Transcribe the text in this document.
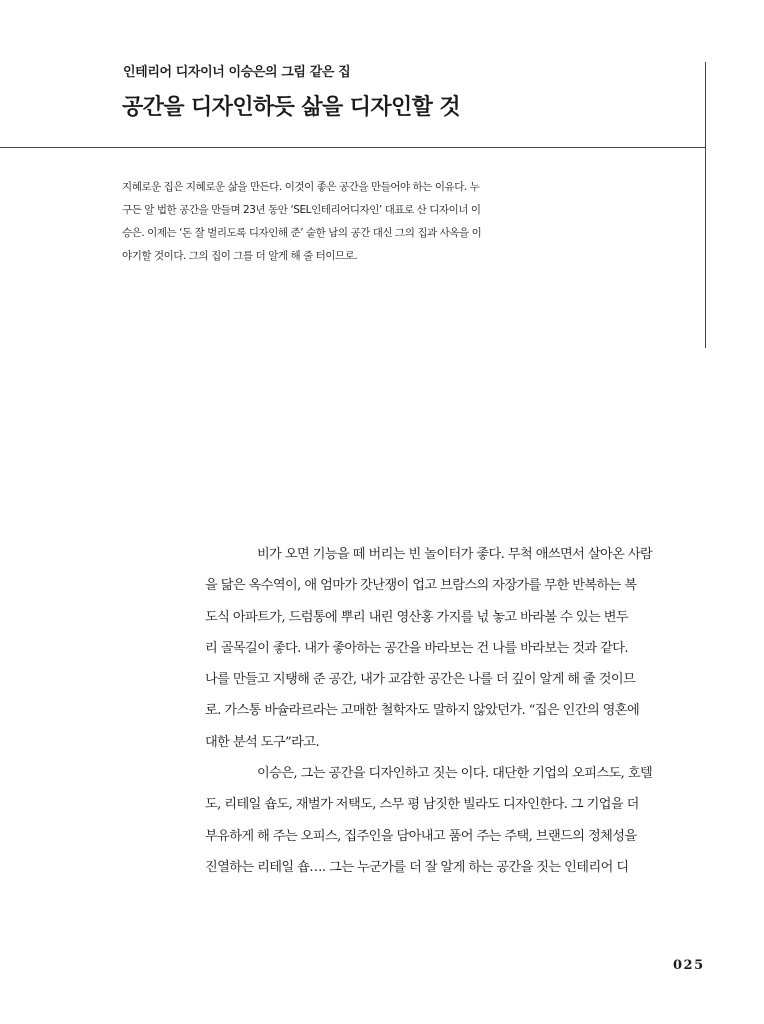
인테리어 디자이너 이승은의 그림 같은 집
공간을 디자인하듯 삶을 디자인할 것
지혜로운 집은 지혜로운 삶을 만든다. 이것이 좋은 공간을 만들어야 하는 이유다. 누
구든 알 법한 공간을 만들며 23년 동안 ‘SEL인테리어디자인’ 대표로 산 디자이너 이
승은. 이제는 ‘돈 잘 벌리도록 디자인해 준’ 숱한 남의 공간 대신 그의 집과 사옥을 이
야기할 것이다. 그의 집이 그를 더 알게 해 줄 터이므로.
비가 오면 기능을 떼 버리는 빈 놀이터가 좋다. 무척 애쓰면서 살아온 사람
을 닮은 옥수역이, 애 엄마가 갓난쟁이 업고 브람스의 자장가를 무한 반복하는 복
도식 아파트가, 드럼통에 뿌리 내린 영산홍 가지를 넋 놓고 바라볼 수 있는 변두
리 골목길이 좋다. 내가 좋아하는 공간을 바라보는 건 나를 바라보는 것과 같다.
나를 만들고 지탱해 준 공간, 내가 교감한 공간은 나를 더 깊이 알게 해 줄 것이므
로. 가스통 바슐라르라는 고매한 철학자도 말하지 않았던가. “집은 인간의 영혼에
대한 분석 도구”라고.
이승은, 그는 공간을 디자인하고 짓는 이다. 대단한 기업의 오피스도, 호텔
도, 리테일 숍도, 재벌가 저택도, 스무 평 남짓한 빌라도 디자인한다. 그 기업을 더
부유하게 해 주는 오피스, 집주인을 담아내고 품어 주는 주택, 브랜드의 정체성을
진열하는 리테일 숍…. 그는 누군가를 더 잘 알게 하는 공간을 짓는 인테리어 디
025
